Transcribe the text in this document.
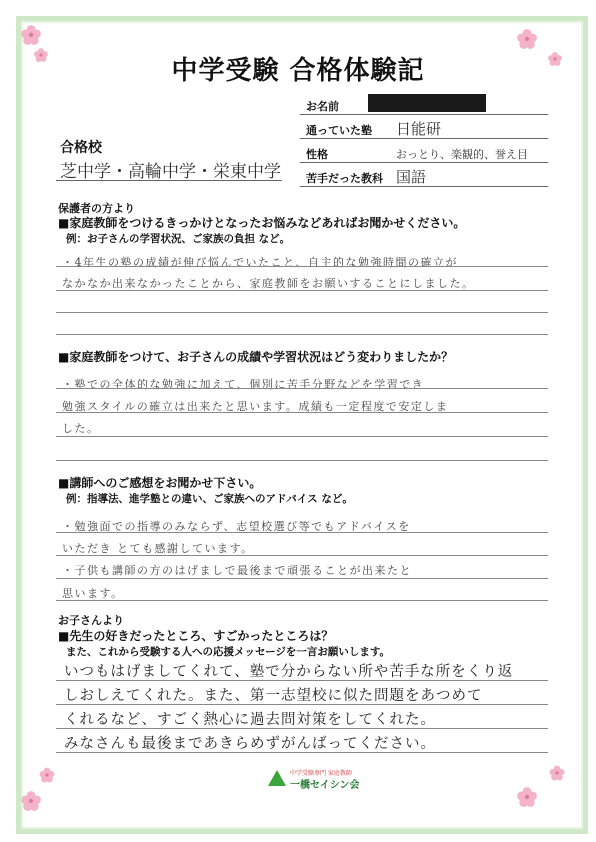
中学受験 合格体験記
お名前
通っていた塾 日能研
性格	おっとり、楽観的、誉え目
苦手だった教科 国語
合格校
芝中学・高輪中学・栄東中学
保護者の方より
■家庭教師をつけるきっかけとなったお悩みなどあればお聞かせください。
例：お子さんの学習状況、ご家族の負担 など。
・4年生の塾の成績が伸び悩んでいたこと、自主的な勉強時間の確立が
なかなか出来なかったことから、家庭教師をお願いすることにしました。
■家庭教師をつけて、お子さんの成績や学習状況はどう変わりましたか？
・塾での全体的な勉強に加えて、個別に苦手分野などを学習でき
勉強スタイルの確立は出来たと思います。成績も一定程度で安定しま
した。
■講師へのご感想をお聞かせ下さい。
例：指導法、進学塾との違い、ご家族へのアドバイス など。
・勉強面での指導のみならず、志望校選び等でもアドバイスを
いただき とても感謝しています。
・子供も講師の方のはげましで最後まで頑張ることが出来たと
思います。
お子さんより
■先生の好きだったところ、すごかったところは？
また、これから受験する人への応援メッセージを一言お願いします。
いつもはげましてくれて、塾で分からない所や苦手な所をくり返
しおしえてくれた。また、第一志望校に似た問題をあつめて
くれるなど、すごく熱心に過去問対策をしてくれた。
みなさんも最後まであきらめずがんばってください。
中学受験専門 家庭教師
一橋セイシン会
